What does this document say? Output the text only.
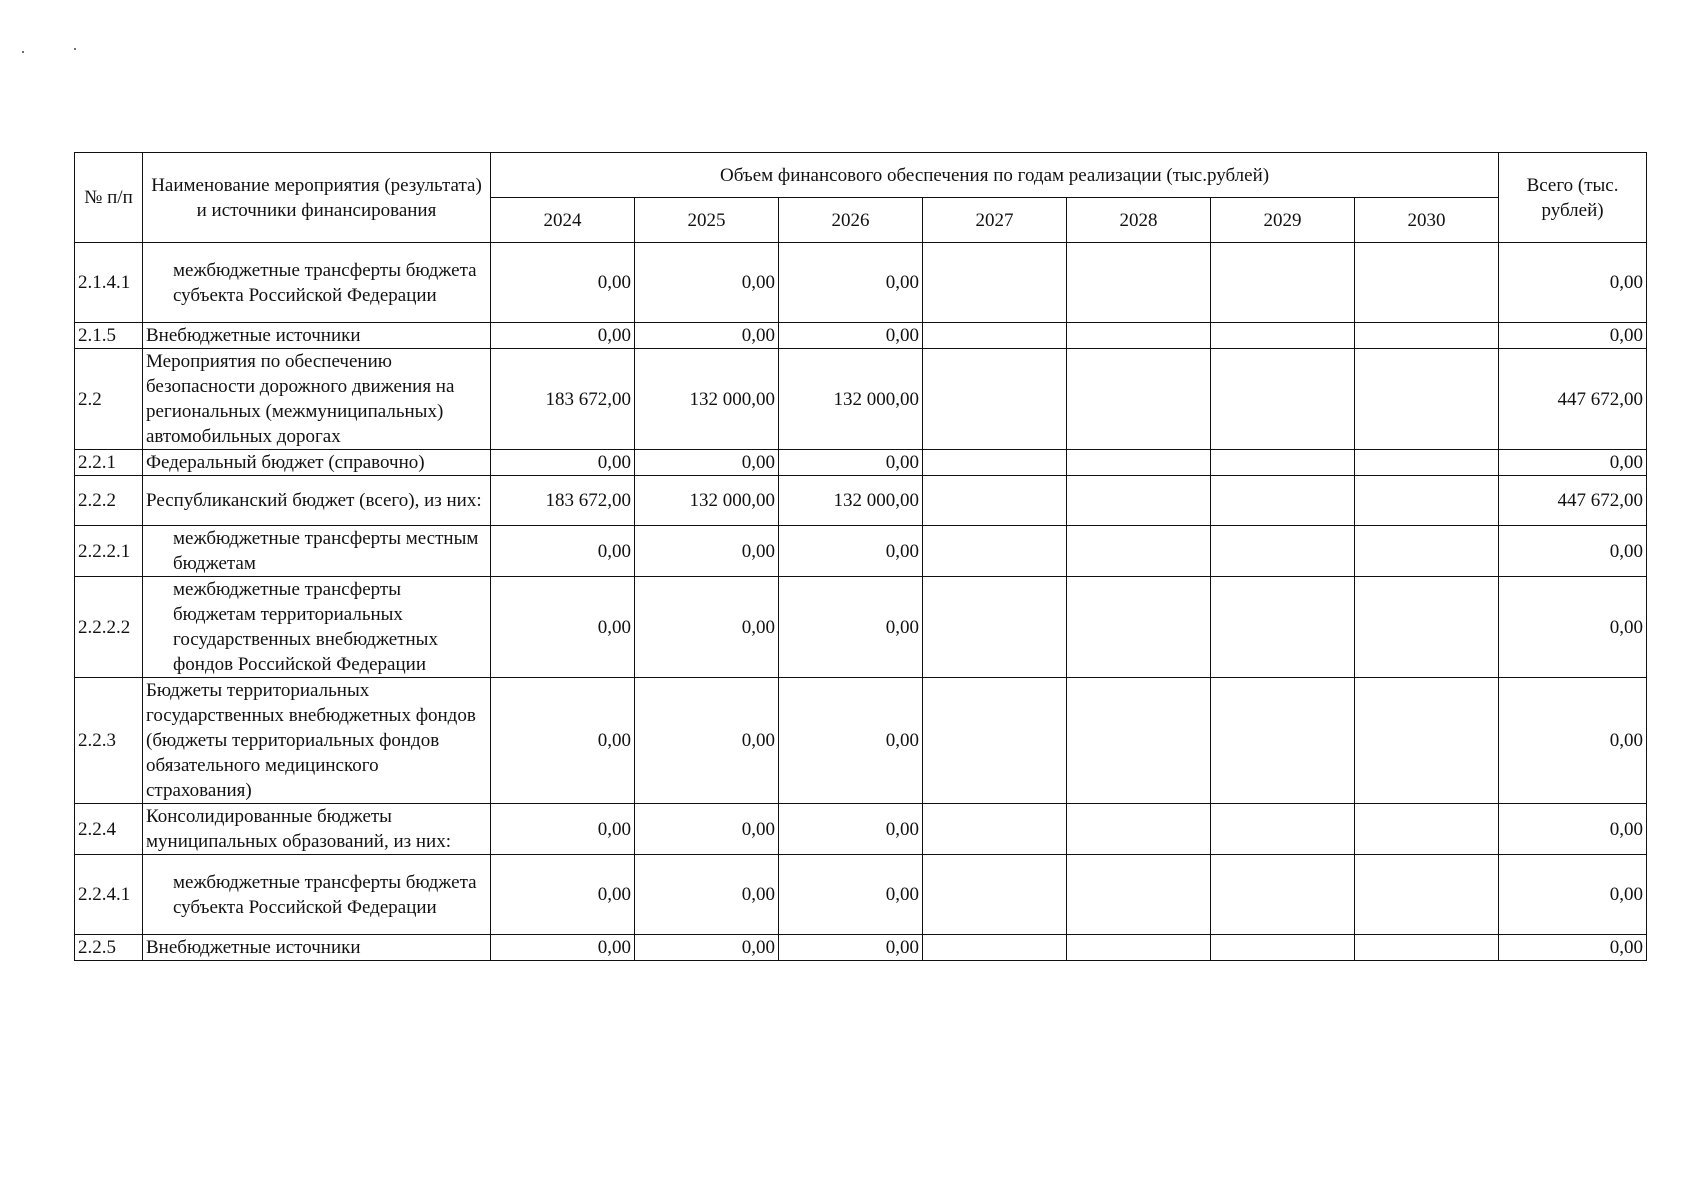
№ п/п	Наименование мероприятия (результата) и источники финансирования	Объем финансового обеспечения по годам реализации (тыс.рублей)							Всего (тыс. рублей)
		2024	2025	2026	2027	2028	2029	2030	
2.1.4.1	межбюджетные трансферты бюджета субъекта Российской Федерации	0,00	0,00	0,00					0,00
2.1.5	Внебюджетные источники	0,00	0,00	0,00					0,00
2.2	Мероприятия по обеспечению безопасности дорожного движения на региональных (межмуниципальных) автомобильных дорогах	183 672,00	132 000,00	132 000,00					447 672,00
2.2.1	Федеральный бюджет (справочно)	0,00	0,00	0,00					0,00
2.2.2	Республиканский бюджет (всего), из них:	183 672,00	132 000,00	132 000,00					447 672,00
2.2.2.1	межбюджетные трансферты местным бюджетам	0,00	0,00	0,00					0,00
2.2.2.2	межбюджетные трансферты бюджетам территориальных государственных внебюджетных фондов Российской Федерации	0,00	0,00	0,00					0,00
2.2.3	Бюджеты территориальных государственных внебюджетных фондов (бюджеты территориальных фондов обязательного медицинского страхования)	0,00	0,00	0,00					0,00
2.2.4	Консолидированные бюджеты муниципальных образований, из них:	0,00	0,00	0,00					0,00
2.2.4.1	межбюджетные трансферты бюджета субъекта Российской Федерации	0,00	0,00	0,00					0,00
2.2.5	Внебюджетные источники	0,00	0,00	0,00					0,00
